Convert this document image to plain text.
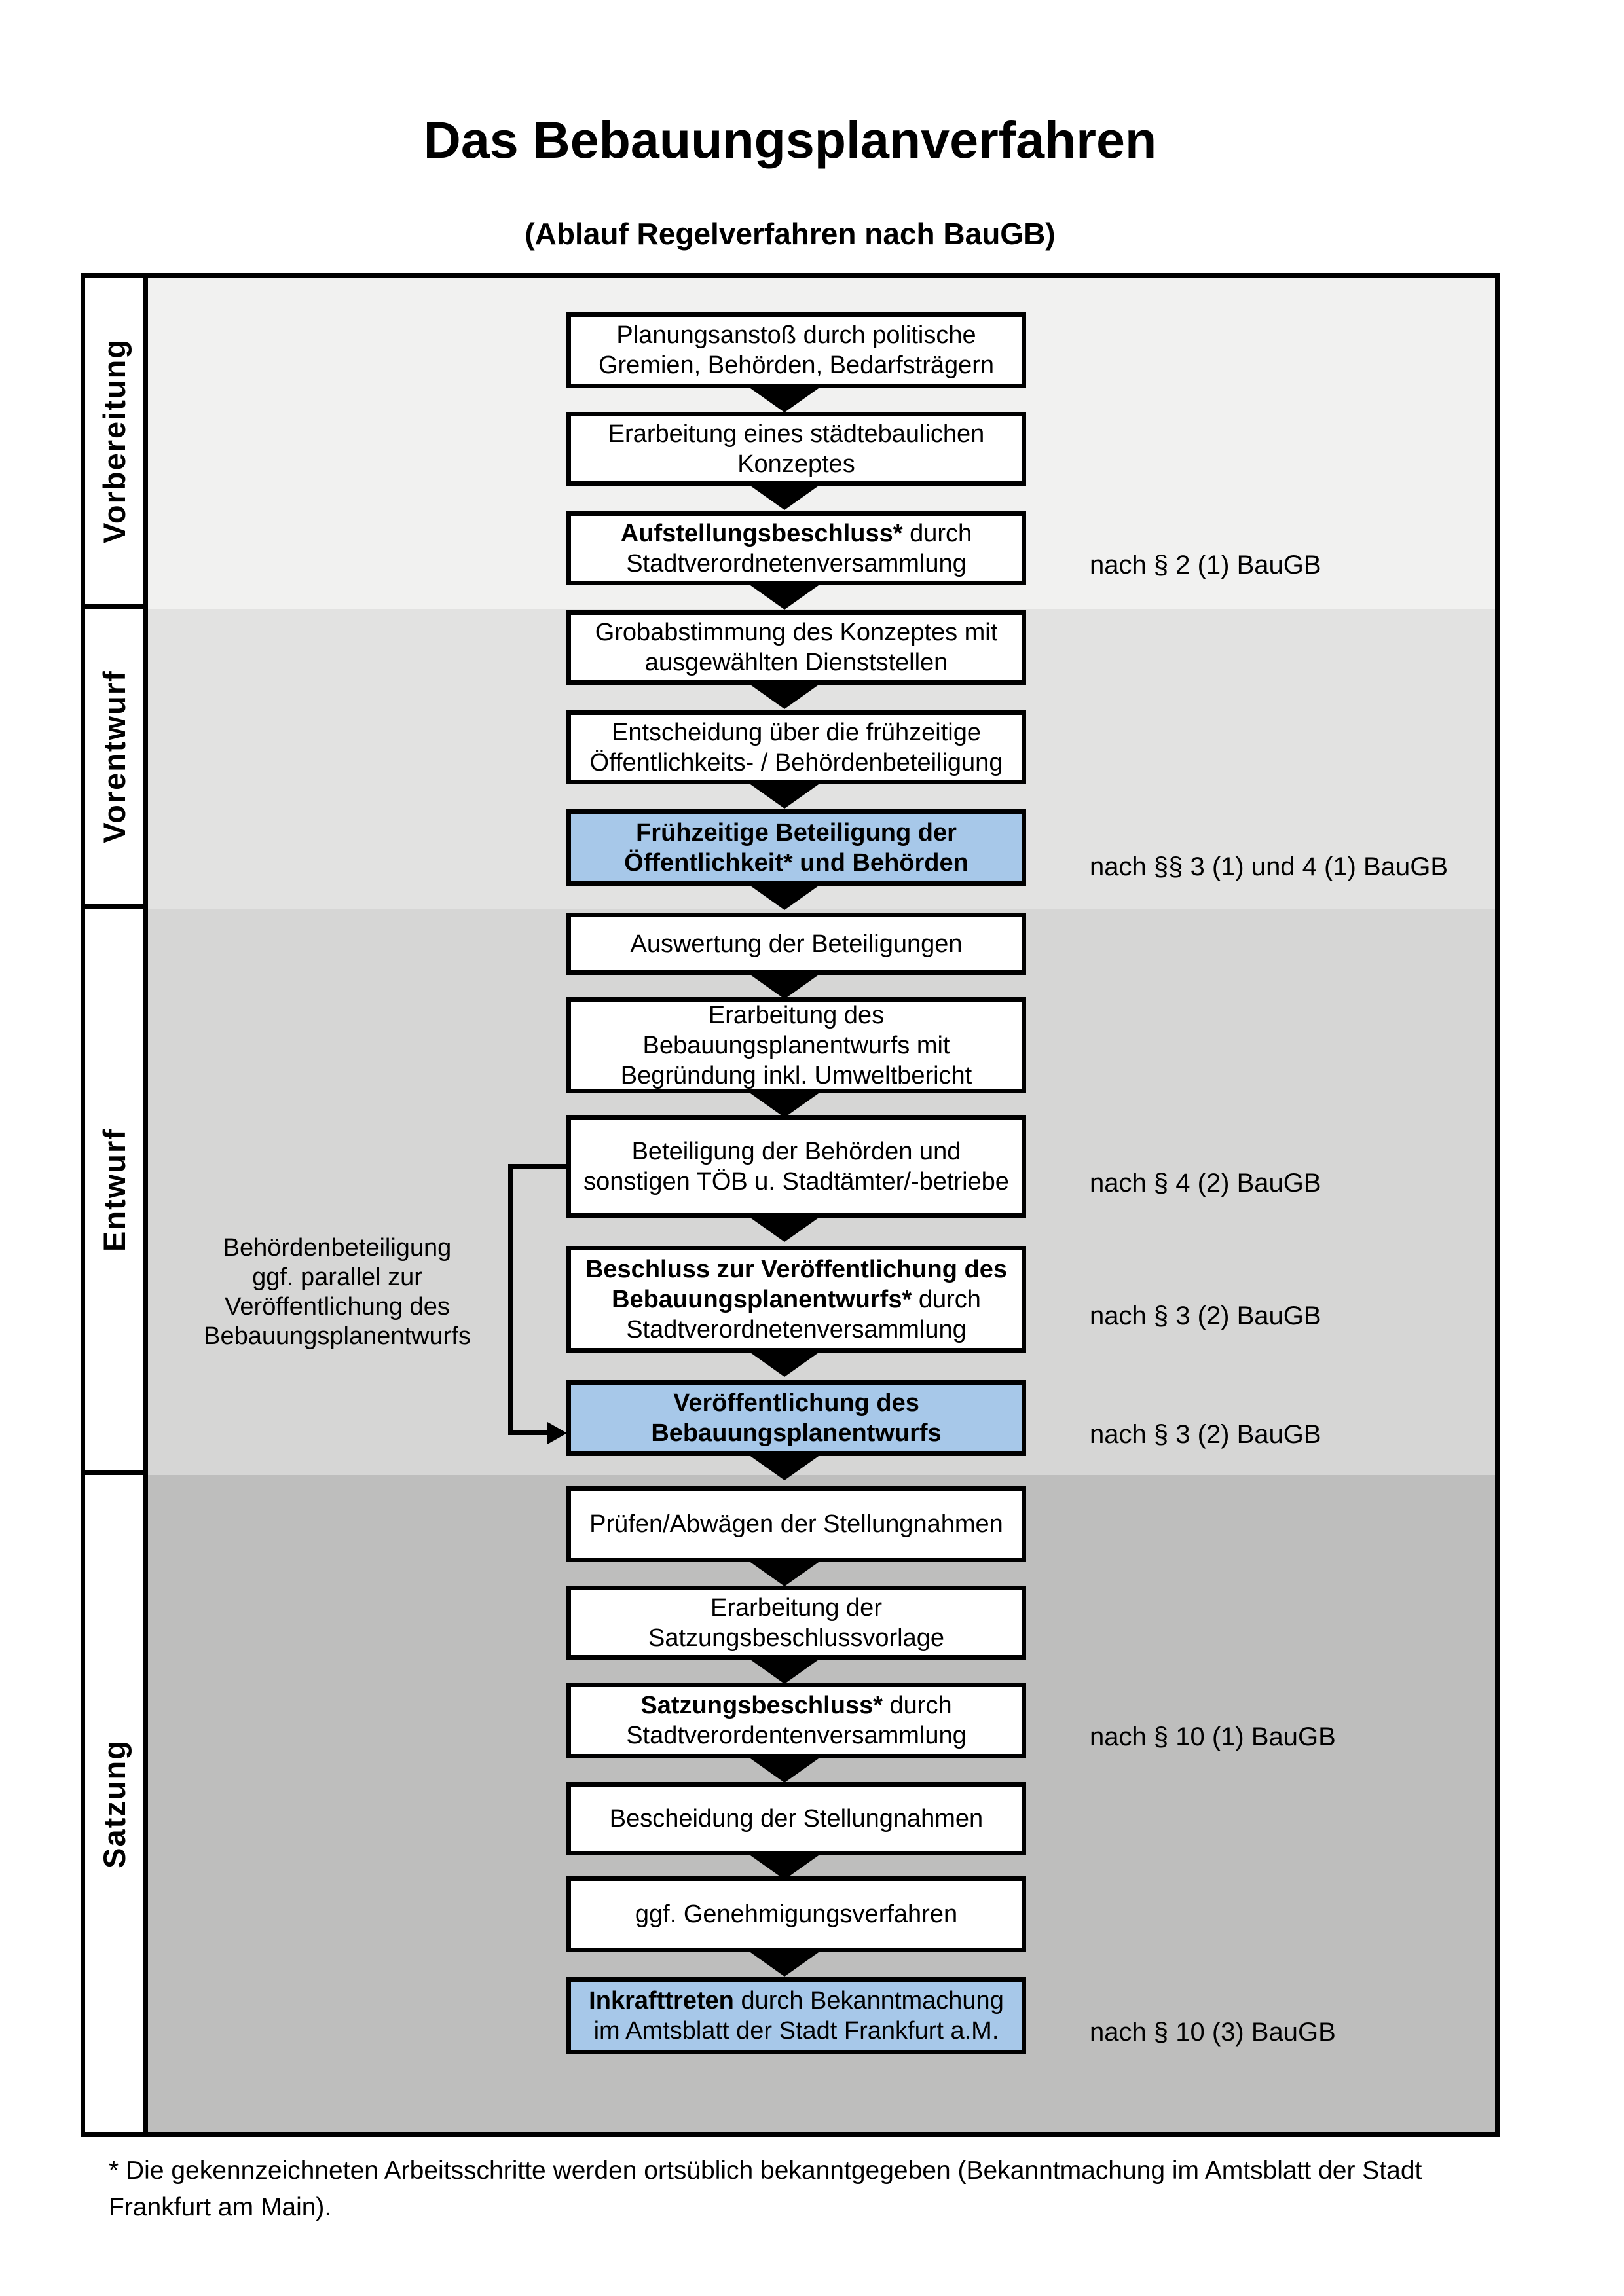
Das Bebauungsplanverfahren
(Ablauf Regelverfahren nach BauGB)
Vorbereitung
Vorentwurf
Entwurf
Satzung
Planungsanstoß durch politische
Gremien, Behörden, Bedarfsträgern
Erarbeitung eines städtebaulichen
Konzeptes
Aufstellungsbeschluss* durch
Stadtverordnetenversammlung
Grobabstimmung des Konzeptes mit
ausgewählten Dienststellen
Entscheidung über die frühzeitige
Öffentlichkeits- / Behördenbeteiligung
Frühzeitige Beteiligung der
Öffentlichkeit* und Behörden
Auswertung der Beteiligungen
Erarbeitung des
Bebauungsplanentwurfs mit
Begründung inkl. Umweltbericht
Beteiligung der Behörden und
sonstigen TÖB u. Stadtämter/-betriebe
Beschluss zur Veröffentlichung des
Bebauungsplanentwurfs* durch
Stadtverordnetenversammlung
Veröffentlichung des
Bebauungsplanentwurfs
Prüfen/Abwägen der Stellungnahmen
Erarbeitung der
Satzungsbeschlussvorlage
Satzungsbeschluss* durch
Stadtverordentenversammlung
Bescheidung der Stellungnahmen
ggf. Genehmigungsverfahren
Inkrafttreten durch Bekanntmachung
im Amtsblatt der Stadt Frankfurt a.M.
nach § 2 (1) BauGB
nach §§ 3 (1) und 4 (1) BauGB
nach § 4 (2) BauGB
nach § 3 (2) BauGB
nach § 3 (2) BauGB
nach § 10 (1) BauGB
nach § 10 (3) BauGB
Behördenbeteiligung
ggf. parallel zur
Veröffentlichung des
Bebauungsplanentwurfs
* Die gekennzeichneten Arbeitsschritte werden ortsüblich bekanntgegeben (Bekanntmachung im Amtsblatt der Stadt Frankfurt am Main).
